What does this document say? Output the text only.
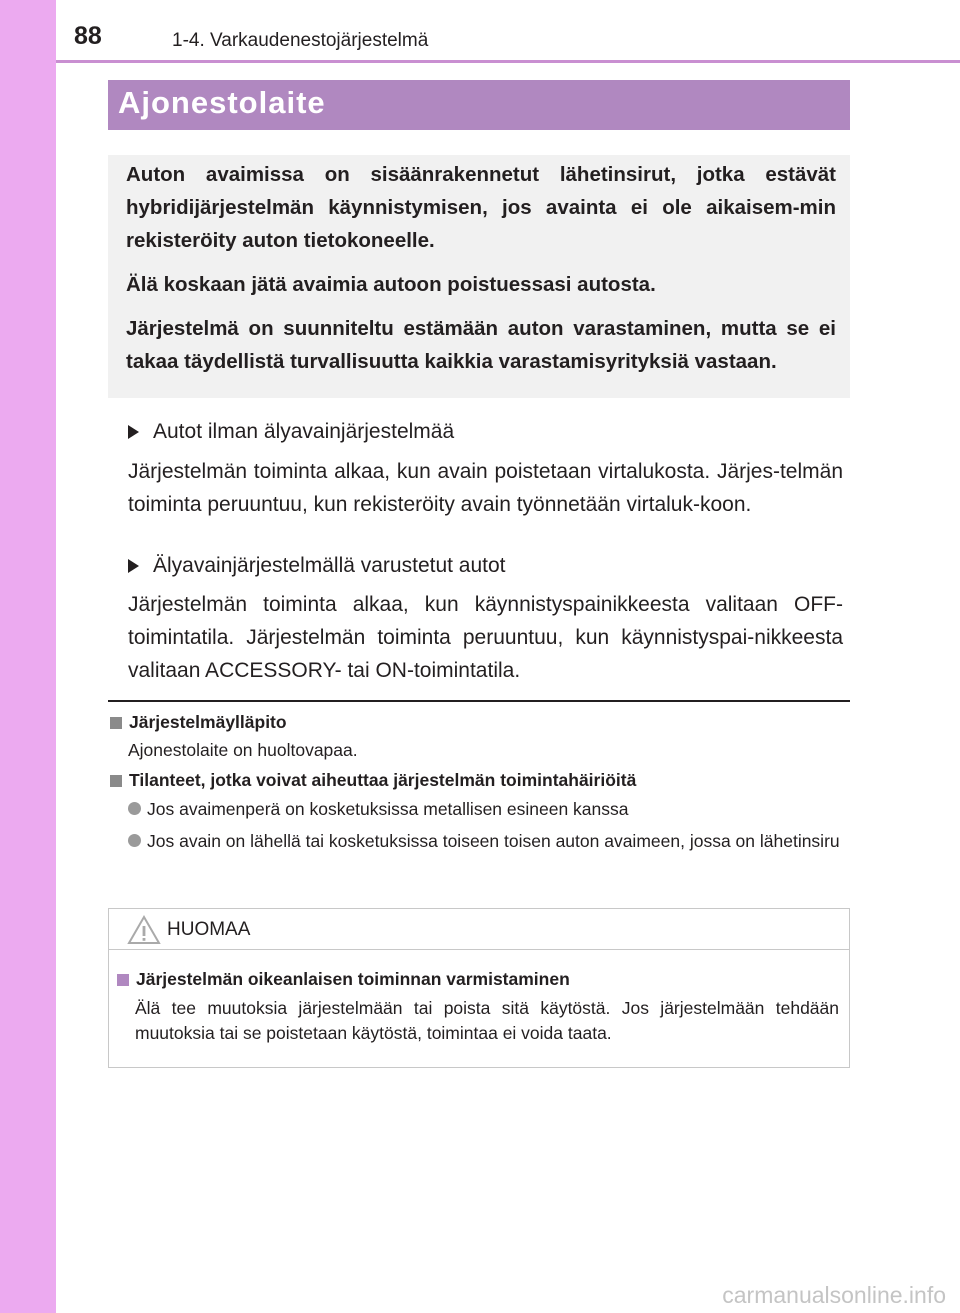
88	1-4. Varkaudenestojärjestelmä
Ajonestolaite

Auton avaimissa on sisäänrakennetut lähetinsirut, jotka estävät hybridijärjestelmän käynnistymisen, jos avainta ei ole aikaisem-min rekisteröity auton tietokoneelle.

Älä koskaan jätä avaimia autoon poistuessasi autosta.

Järjestelmä on suunniteltu estämään auton varastaminen, mutta se ei takaa täydellistä turvallisuutta kaikkia varastamisyrityksiä vastaan.

Autot ilman älyavainjärjestelmää

Järjestelmän toiminta alkaa, kun avain poistetaan virtalukosta. Järjes-telmän toiminta peruuntuu, kun rekisteröity avain työnnetään virtaluk-koon.

Älyavainjärjestelmällä varustetut autot

Järjestelmän toiminta alkaa, kun käynnistyspainikkeesta valitaan OFF-toimintatila. Järjestelmän toiminta peruuntuu, kun käynnistyspai-nikkeesta valitaan ACCESSORY- tai ON-toimintatila.

Järjestelmäylläpito
Ajonestolaite on huoltovapaa.
Tilanteet, jotka voivat aiheuttaa järjestelmän toimintahäiriöitä
Jos avaimenperä on kosketuksissa metallisen esineen kanssa
Jos avain on lähellä tai kosketuksissa toiseen toisen auton avaimeen, jossa on lähetinsiru
HUOMAA
Järjestelmän oikeanlaisen toiminnan varmistaminen

Älä tee muutoksia järjestelmään tai poista sitä käytöstä. Jos järjestelmään tehdään muutoksia tai se poistetaan käytöstä, toimintaa ei voida taata.

carmanualsonline.info
